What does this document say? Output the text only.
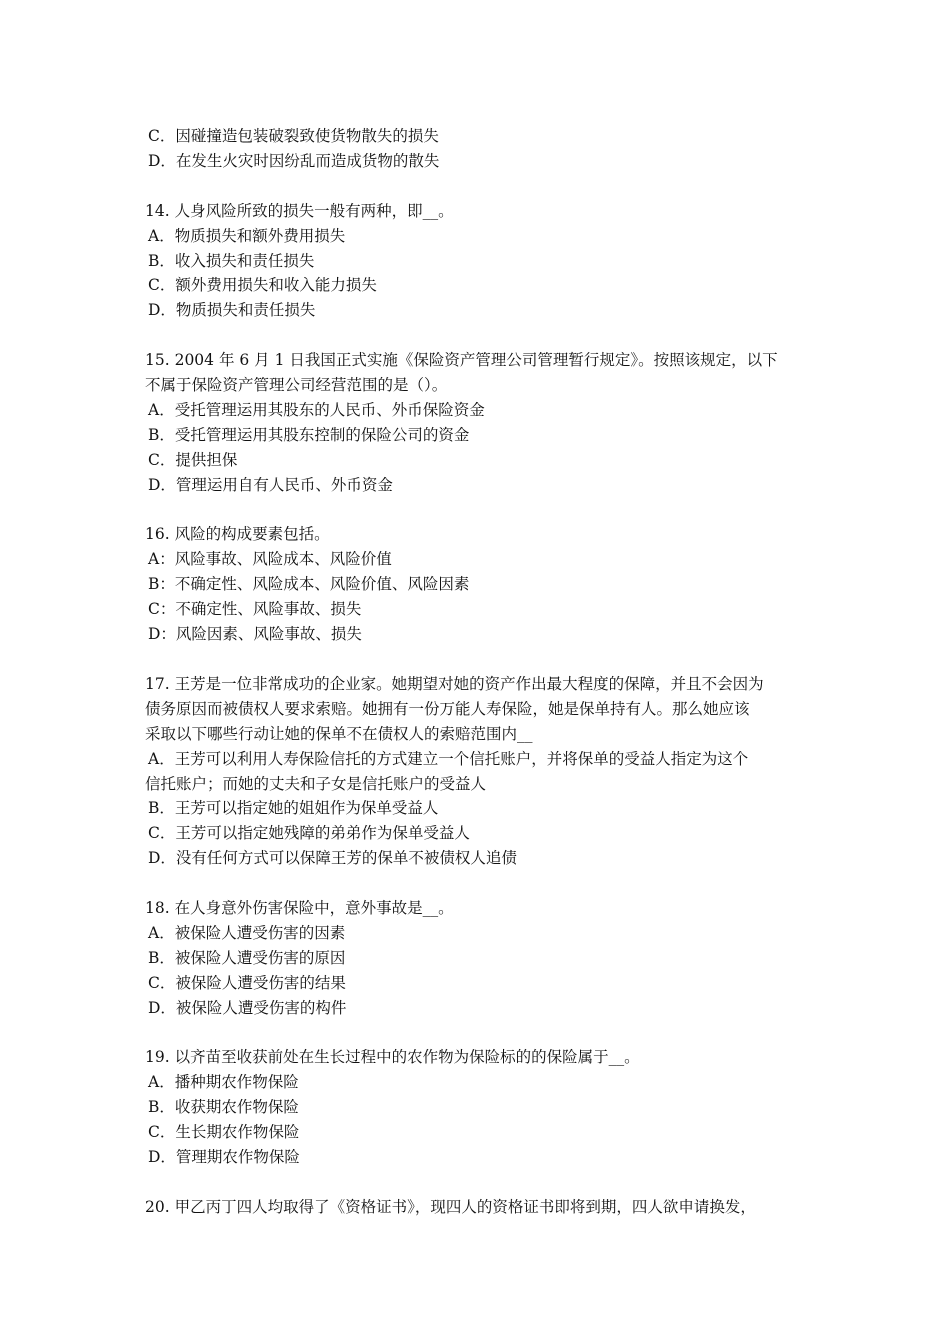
C．因碰撞造包装破裂致使货物散失的损失
D．在发生火灾时因纷乱而造成货物的散失
14. 人身风险所致的损失一般有两种，即__。
A．物质损失和额外费用损失
B．收入损失和责任损失
C．额外费用损失和收入能力损失
D．物质损失和责任损失
15. 2004 年 6 月 1 日我国正式实施《保险资产管理公司管理暂行规定》。按照该规定，以下
不属于保险资产管理公司经营范围的是（）。
A．受托管理运用其股东的人民币、外币保险资金
B．受托管理运用其股东控制的保险公司的资金
C．提供担保
D．管理运用自有人民币、外币资金
16. 风险的构成要素包括。
A：风险事故、风险成本、风险价值
B：不确定性、风险成本、风险价值、风险因素
C：不确定性、风险事故、损失
D：风险因素、风险事故、损失
17. 王芳是一位非常成功的企业家。她期望对她的资产作出最大程度的保障，并且不会因为
债务原因而被债权人要求索赔。她拥有一份万能人寿保险，她是保单持有人。那么她应该
采取以下哪些行动让她的保单不在债权人的索赔范围内__
A．王芳可以利用人寿保险信托的方式建立一个信托账户，并将保单的受益人指定为这个
信托账户；而她的丈夫和子女是信托账户的受益人
B．王芳可以指定她的姐姐作为保单受益人
C．王芳可以指定她残障的弟弟作为保单受益人
D．没有任何方式可以保障王芳的保单不被债权人追债
18. 在人身意外伤害保险中，意外事故是__。
A．被保险人遭受伤害的因素
B．被保险人遭受伤害的原因
C．被保险人遭受伤害的结果
D．被保险人遭受伤害的构件
19. 以齐苗至收获前处在生长过程中的农作物为保险标的的保险属于__。
A．播种期农作物保险
B．收获期农作物保险
C．生长期农作物保险
D．管理期农作物保险
20. 甲乙丙丁四人均取得了《资格证书》，现四人的资格证书即将到期，四人欲申请换发，
